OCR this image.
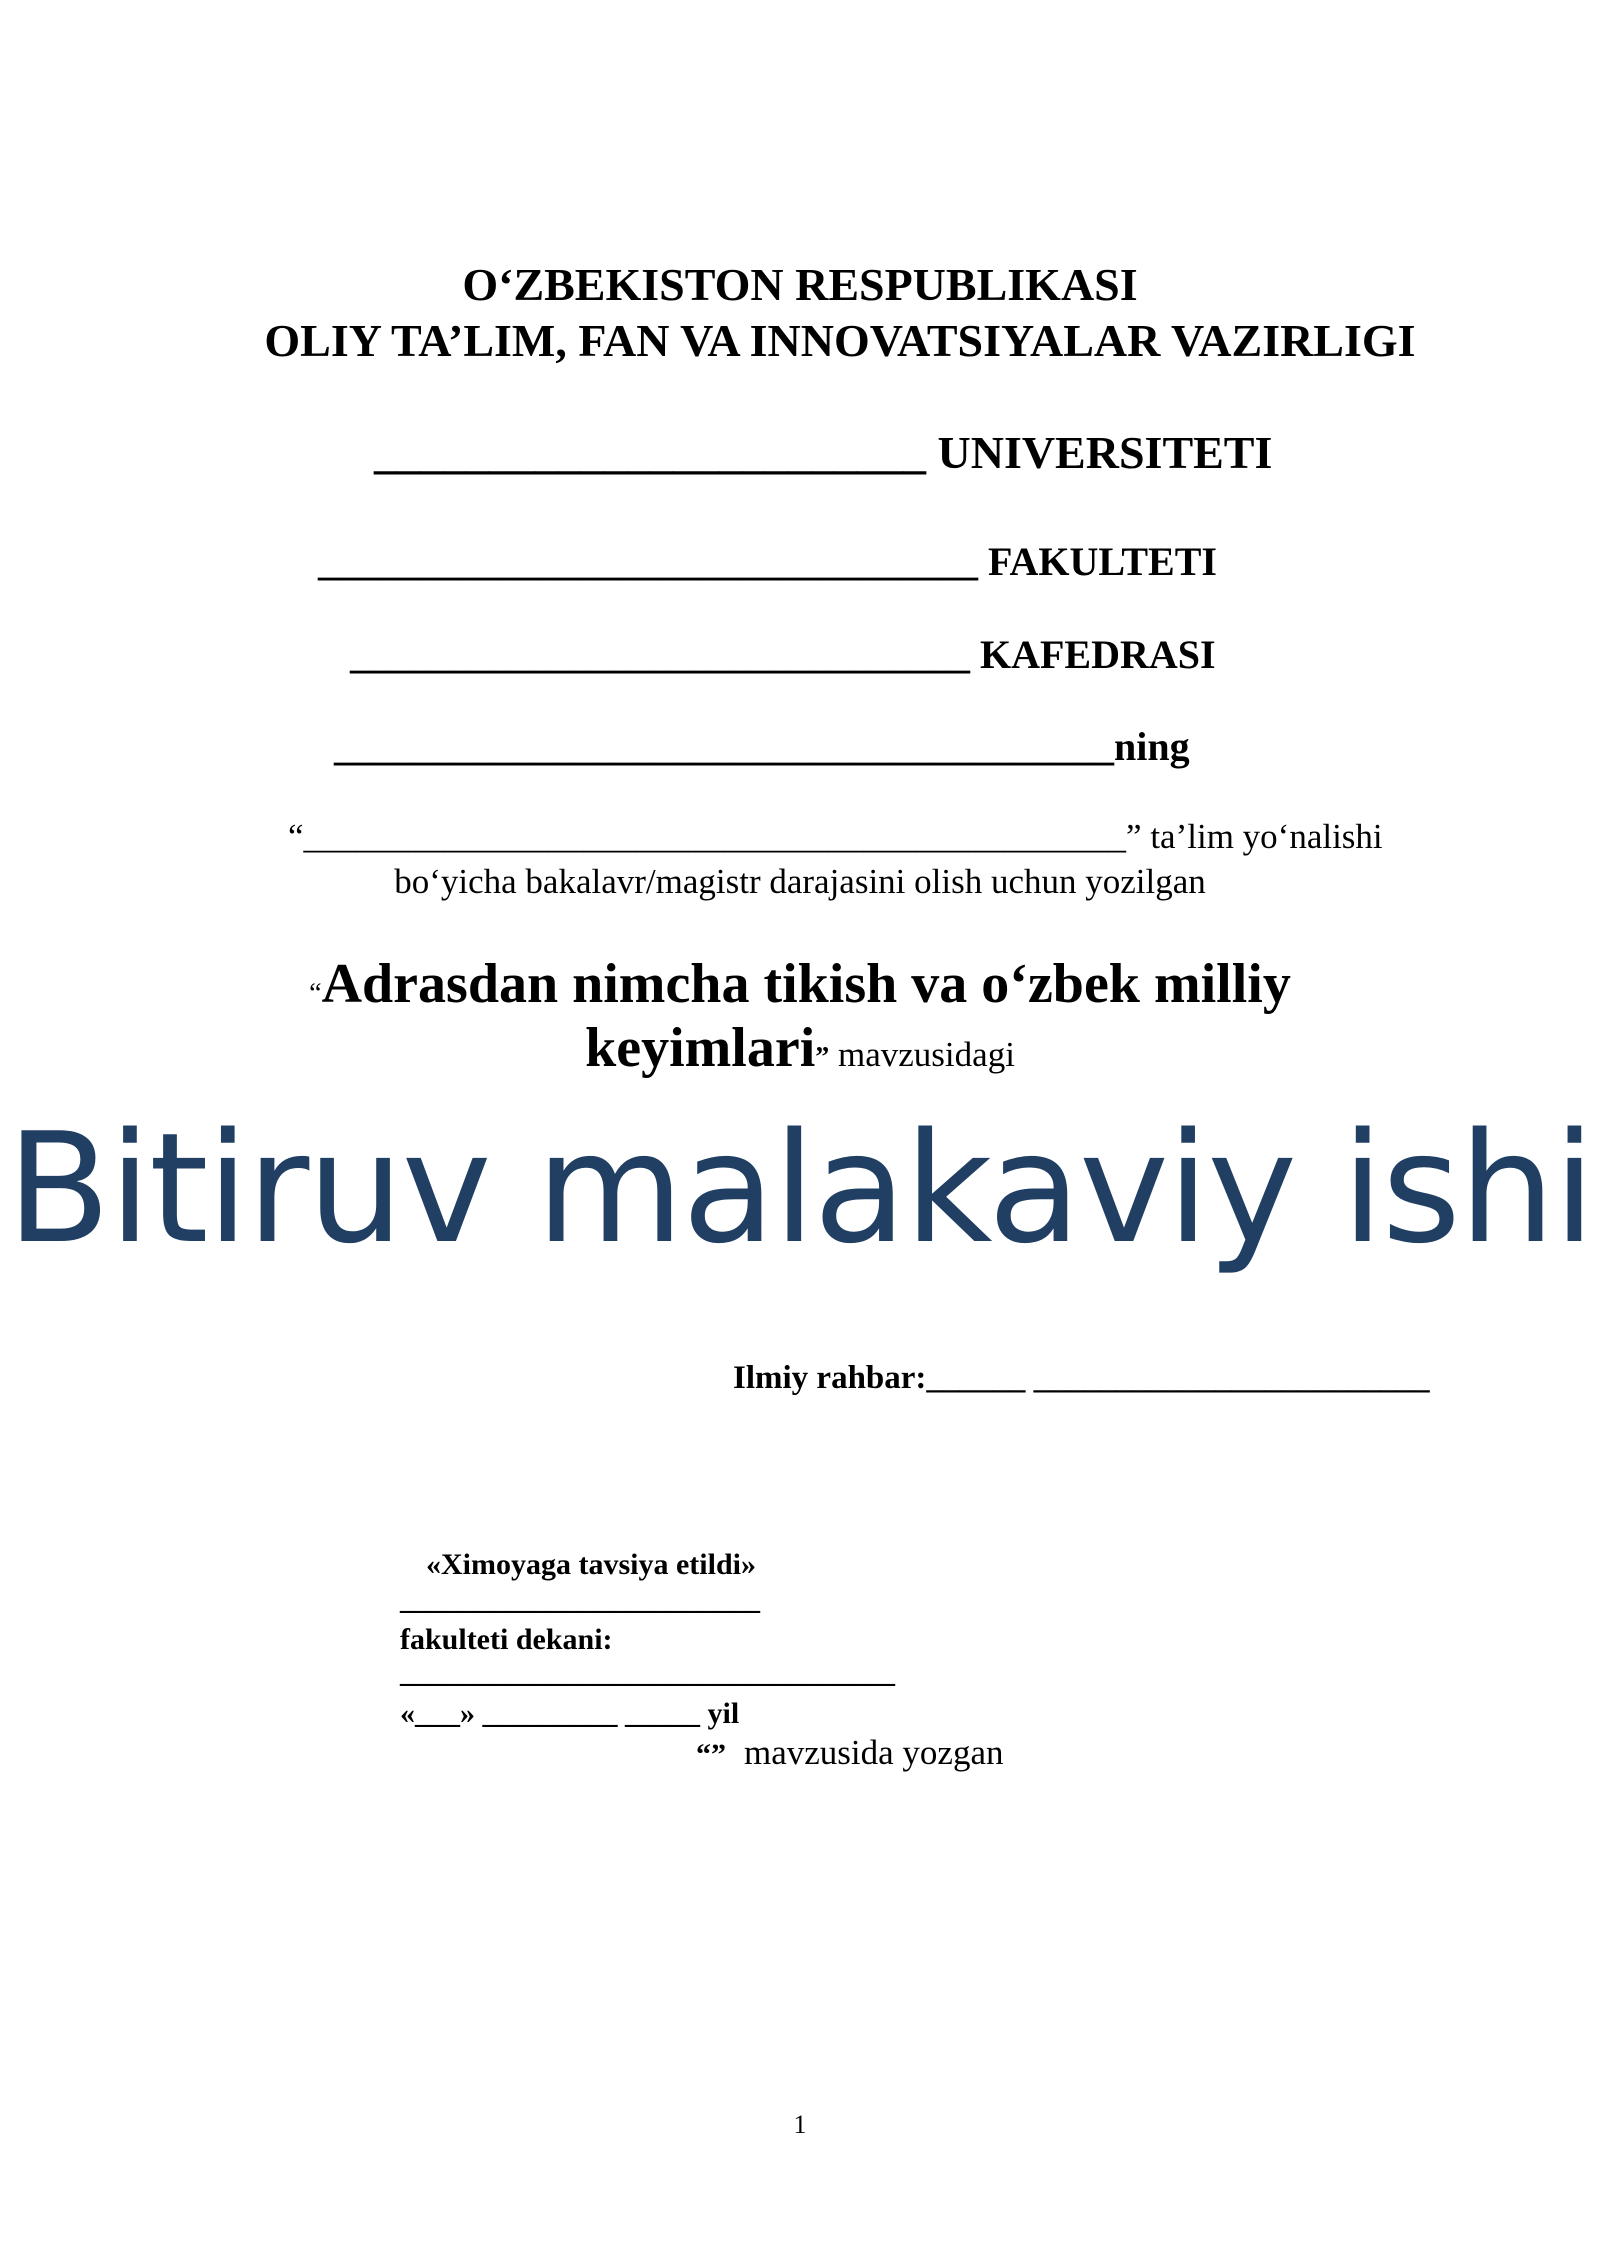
O‘ZBEKISTON RESPUBLIKASI
OLIY TA’LIM, FAN VA INNOVATSIYALAR VAZIRLIGI
________________________ UNIVERSITETI
_________________________________ FAKULTETI
_______________________________ KAFEDRASI
_______________________________________ning
“_______________________________________________” ta’lim yo‘nalishi
bo‘yicha bakalavr/magistr darajasini olish uchun yozilgan
“Adrasdan nimcha tikish va o‘zbek milliy
keyimlari” mavzusidagi
Bitiruv malakaviy ishi
Ilmiy rahbar:______ ________________________
«Ximoyaga tavsiya etildi»
________________________
fakulteti dekani:
_________________________________
«___» _________ _____ yil
“” mavzusida yozgan
1
